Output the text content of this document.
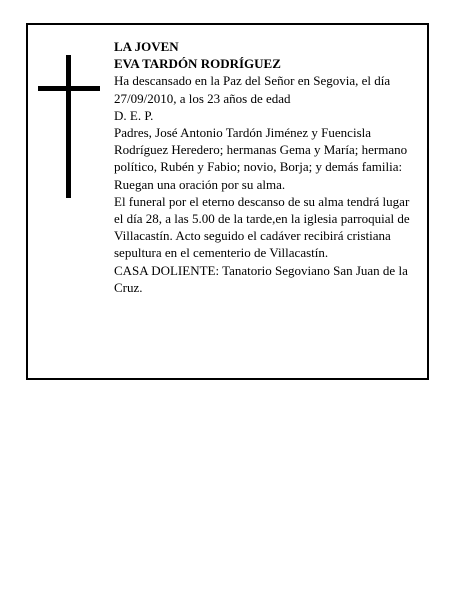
LA JOVEN

EVA TARDÓN RODRÍGUEZ

Ha descansado en la Paz del Señor en Segovia, el día 27/09/2010, a los 23 años de edad

D. E. P.

Padres, José Antonio Tardón Jiménez y Fuencisla Rodríguez Heredero; hermanas Gema y María; hermano político, Rubén y Fabio; novio, Borja; y demás familia:

Ruegan una oración por su alma.

El funeral por el eterno descanso de su alma tendrá lugar el día 28, a las 5.00 de la tarde,en la iglesia parroquial de Villacastín. Acto seguido el cadáver recibirá cristiana sepultura en el cementerio de Villacastín.

CASA DOLIENTE: Tanatorio Segoviano San Juan de la Cruz.
